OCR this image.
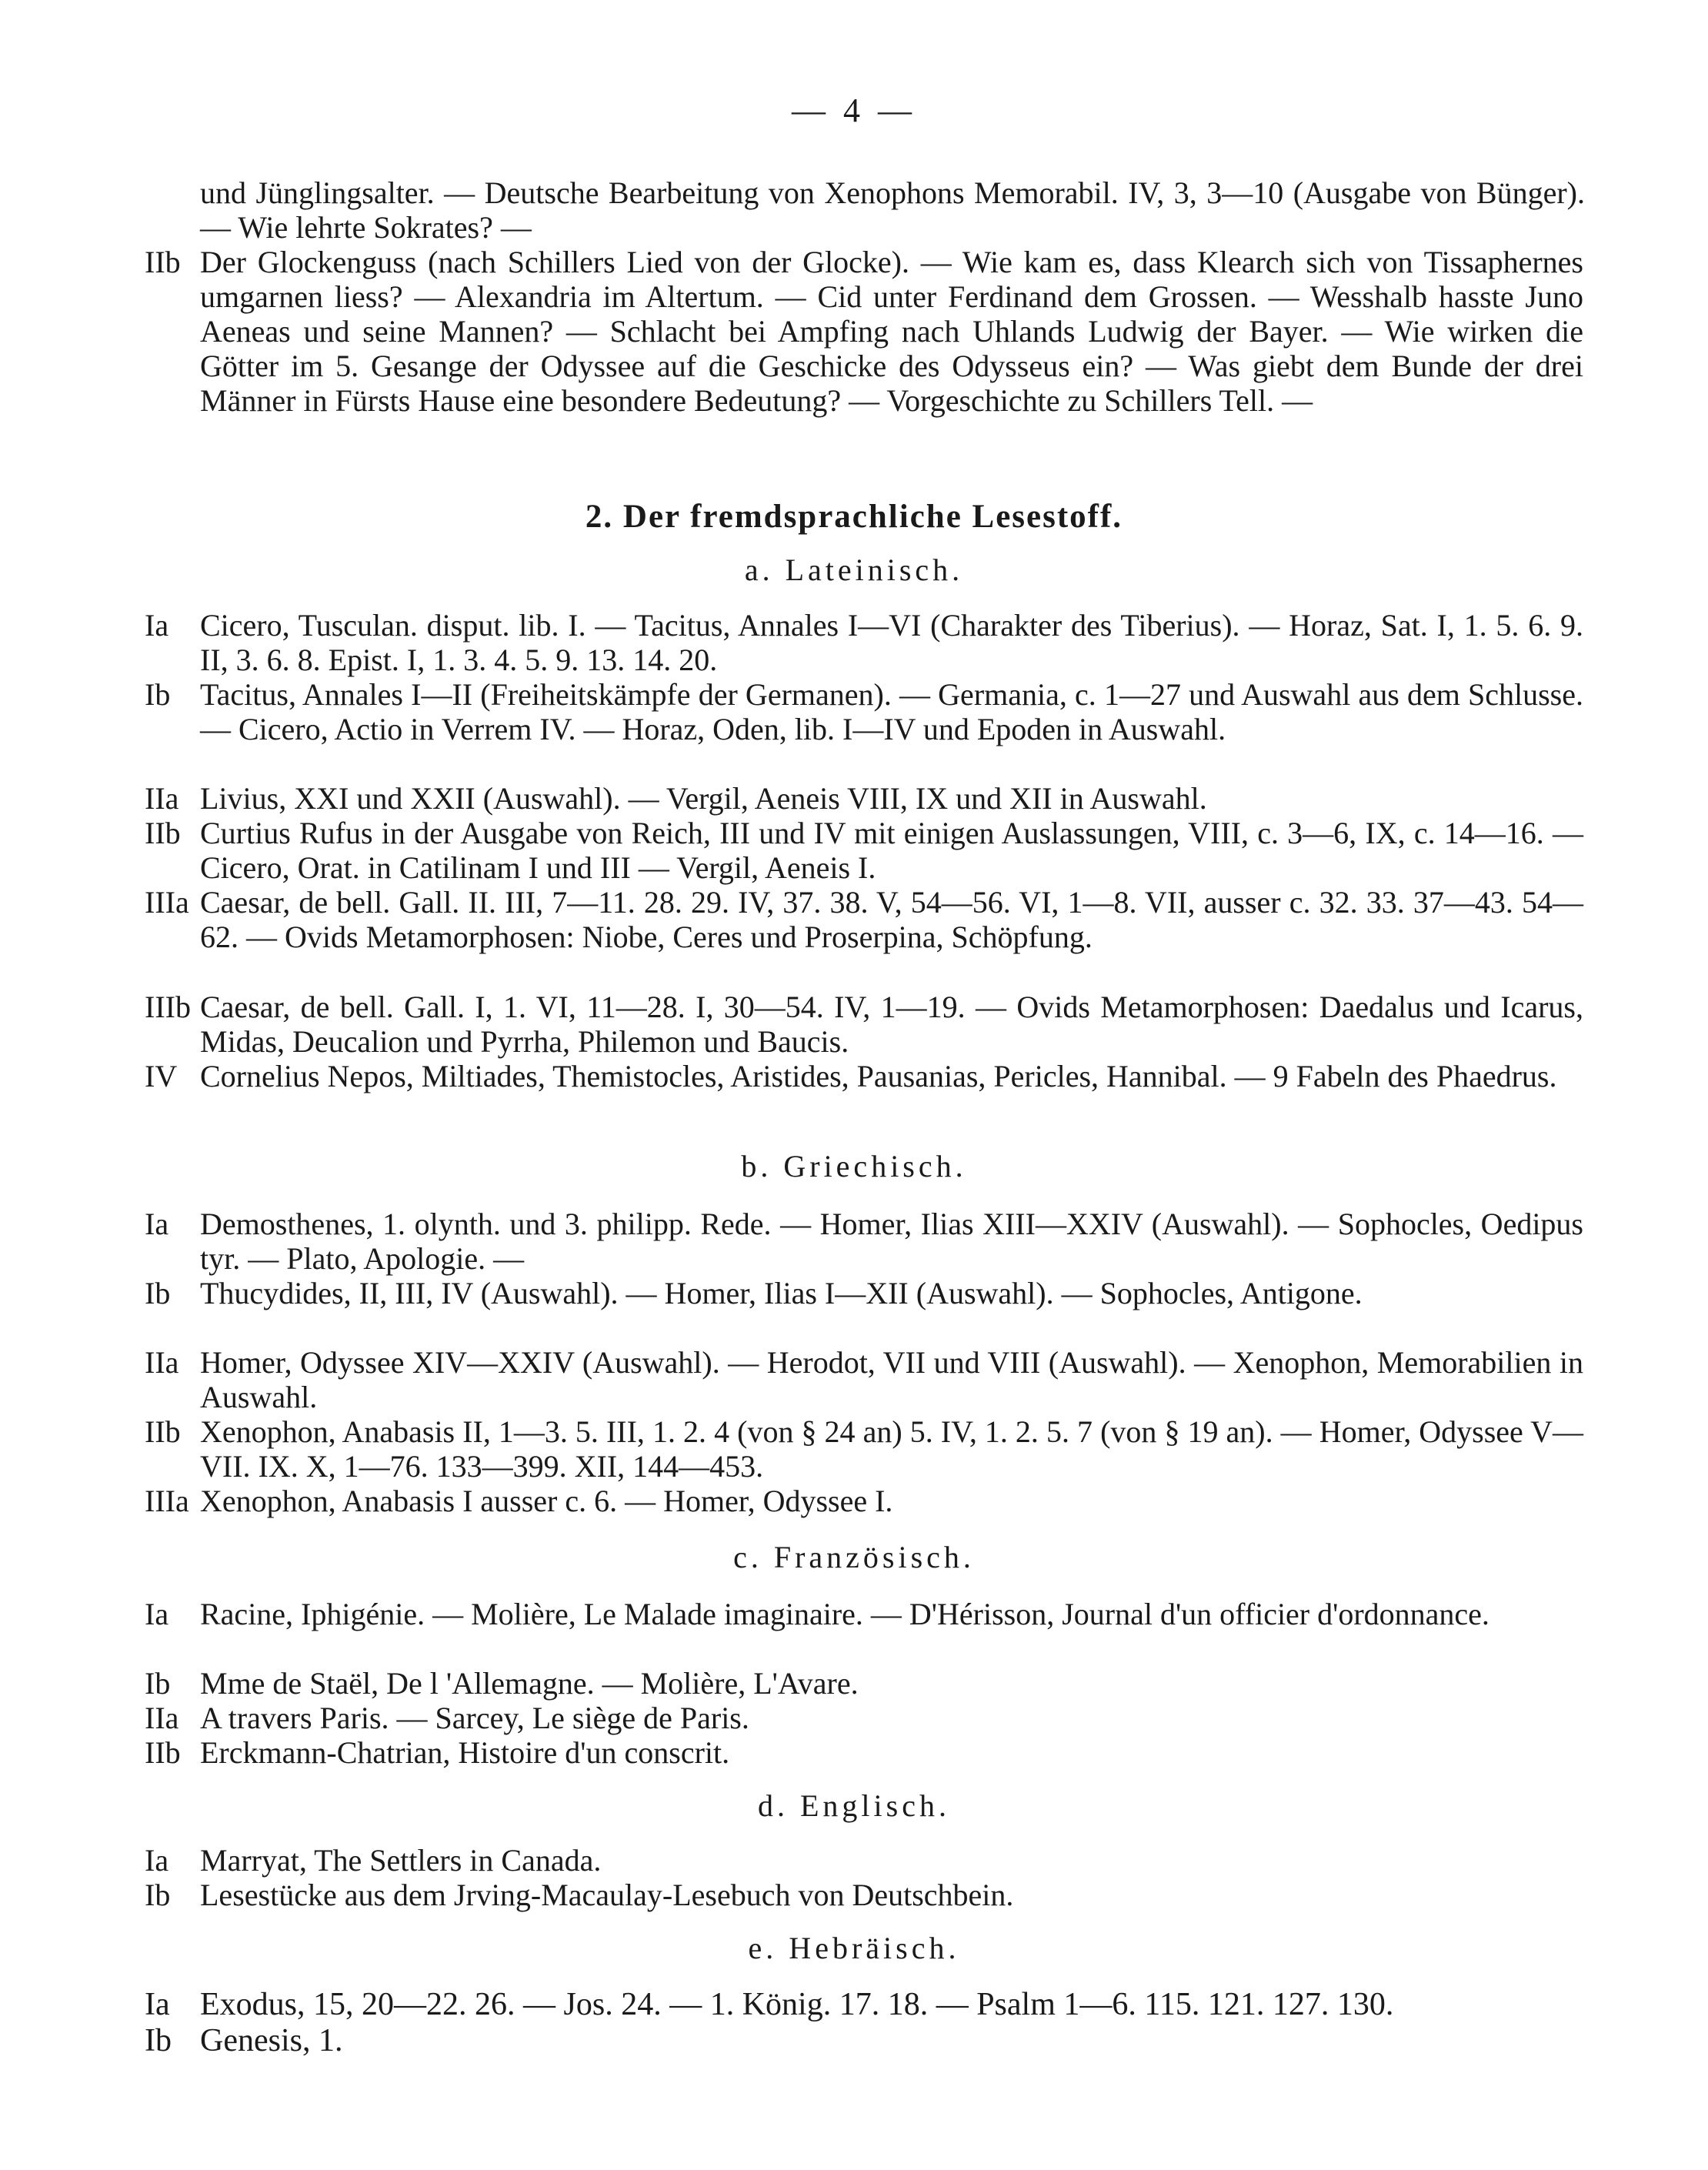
— 4 —
und Jünglingsalter. — Deutsche Bearbeitung von Xenophons Memorabil. IV, 3, 3—10 (Ausgabe von Bünger). — Wie lehrte Sokrates? —
IIb Der Glockenguss (nach Schillers Lied von der Glocke). — Wie kam es, dass Klearch sich von Tissaphernes umgarnen liess? — Alexandria im Altertum. — Cid unter Ferdinand dem Grossen. — Wesshalb hasste Juno Aeneas und seine Mannen? — Schlacht bei Ampfing nach Uhlands Ludwig der Bayer. — Wie wirken die Götter im 5. Gesange der Odyssee auf die Geschicke des Odysseus ein? — Was giebt dem Bunde der drei Männer in Fürsts Hause eine besondere Bedeutung? — Vorgeschichte zu Schillers Tell. —
2. Der fremdsprachliche Lesestoff.
a. Lateinisch.
Ia	Cicero, Tusculan. disput. lib. I. — Tacitus, Annales I—VI (Charakter des Tiberius). — Horaz, Sat. I, 1. 5. 6. 9. II, 3. 6. 8. Epist. I, 1. 3. 4. 5. 9. 13. 14. 20.
Ib Tacitus, Annales I—II (Freiheitskämpfe der Germanen). — Germania, c. 1—27 und Auswahl aus dem Schlusse. — Cicero, Actio in Verrem IV. — Horaz, Oden, lib. I—IV und Epoden in Auswahl.
IIa Livius, XXI und XXII (Auswahl). — Vergil, Aeneis VIII, IX und XII in Auswahl.
IIb Curtius Rufus in der Ausgabe von Reich, III und IV mit einigen Auslassungen, VIII, c. 3—6, IX, c. 14—16. — Cicero, Orat. in Catilinam I und III — Vergil, Aeneis I.
IIIa Caesar, de bell. Gall. II. III, 7—11. 28. 29. IV, 37. 38. V, 54—56. VI, 1—8. VII, ausser c. 32. 33. 37—43. 54—62. — Ovids Metamorphosen: Niobe, Ceres und Proserpina, Schöpfung.
IIIb Caesar, de bell. Gall. I, 1. VI, 11—28. I, 30—54. IV, 1—19. — Ovids Metamorphosen: Daedalus und Icarus, Midas, Deucalion und Pyrrha, Philemon und Baucis.
IV Cornelius Nepos, Miltiades, Themistocles, Aristides, Pausanias, Pericles, Hannibal. — 9 Fabeln des Phaedrus.
b. Griechisch.
Ia	Demosthenes, 1. olynth. und 3. philipp. Rede. — Homer, Ilias XIII—XXIV (Auswahl). — Sophocles, Oedipus tyr. — Plato, Apologie. —
Ib Thucydides, II, III, IV (Auswahl). — Homer, Ilias I—XII (Auswahl). — Sophocles, Antigone.
IIa Homer, Odyssee XIV—XXIV (Auswahl). — Herodot, VII und VIII (Auswahl). — Xenophon, Memorabilien in Auswahl.
IIb Xenophon, Anabasis II, 1—3. 5. III, 1. 2. 4 (von § 24 an) 5. IV, 1. 2. 5. 7 (von § 19 an). — Homer, Odyssee V—VII. IX. X, 1—76. 133—399. XII, 144—453.
IIIa Xenophon, Anabasis I ausser c. 6. — Homer, Odyssee I.
c. Französisch.
Ia	Racine, Iphigénie. — Molière, Le Malade imaginaire. — D'Hérisson, Journal d'un officier d'ordonnance.
Ib Mme de Staël, De l 'Allemagne. — Molière, L'Avare.
IIa A travers Paris. — Sarcey, Le siège de Paris.
IIb Erckmann-Chatrian, Histoire d'un conscrit.
d. Englisch.
Ia	Marryat, The Settlers in Canada.
Ib Lesestücke aus dem Jrving-Macaulay-Lesebuch von Deutschbein.
e. Hebräisch.
Ia Exodus, 15, 20—22. 26. — Jos. 24. — 1. König. 17. 18. — Psalm 1—6. 115. 121. 127. 130.
Ib Genesis, 1.
